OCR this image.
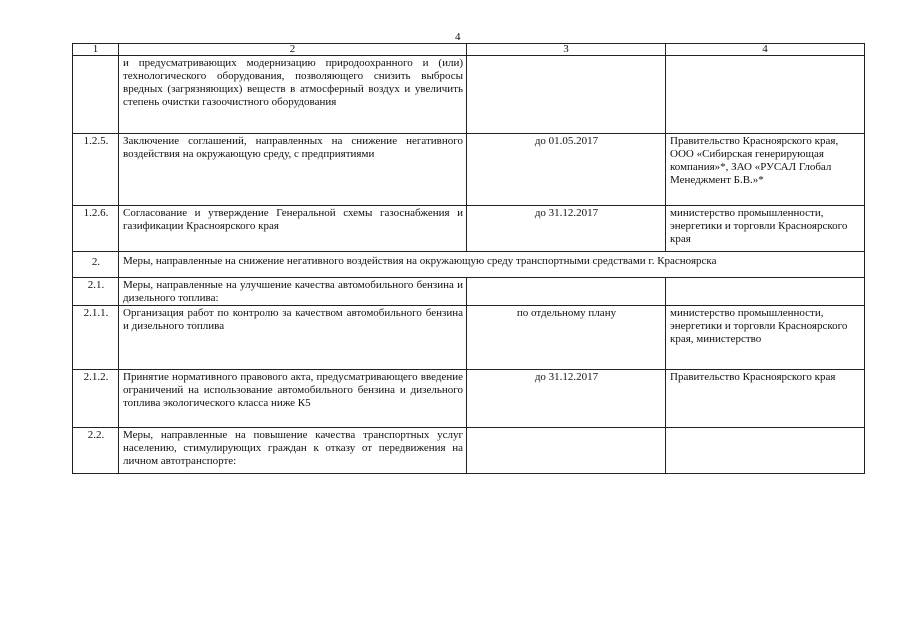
4
1	2	3	4
	и предусматривающих модернизацию природоохранного и (или) технологического оборудования, позволяющего снизить выбросы вредных (загрязняющих) веществ в атмосферный воздух и увеличить степень очистки газоочистного оборудования		
1.2.5.	Заключение соглашений, направленных на снижение негативного воздействия на окружающую среду, с предприятиями	до 01.05.2017	Правительство Красноярского края, ООО «Сибирская генерирующая компания»*, ЗАО «РУСАЛ Глобал Менеджмент Б.В.»*
1.2.6.	Согласование и утверждение Генеральной схемы газоснабжения и газификации Красноярского края	до 31.12.2017	министерство промышленности, энергетики и торговли Красноярского края
2.	Меры, направленные на снижение негативного воздействия на окружающую среду транспортными средствами г. Красноярска		
2.1.	Меры, направленные на улучшение качества автомобильного бензина и дизельного топлива:		
2.1.1.	Организация работ по контролю за качеством автомобильного бензина и дизельного топлива	по отдельному плану	министерство промышленности, энергетики и торговли Красноярского края, министерство
2.1.2.	Принятие нормативного правового акта, предусматривающего введение ограничений на использование автомобильного бензина и дизельного топлива экологического класса ниже К5	до 31.12.2017	Правительство Красноярского края
2.2.	Меры, направленные на повышение качества транспортных услуг населению, стимулирующих граждан к отказу от передвижения на личном автотранспорте:		
